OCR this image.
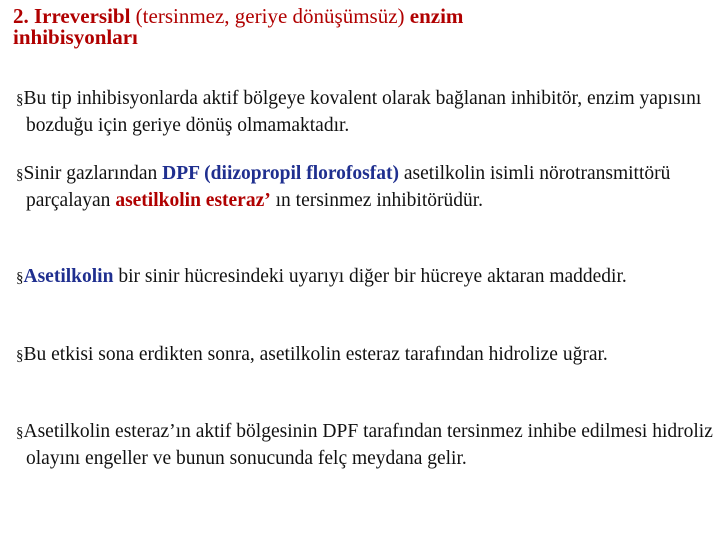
2. Irreversibl (tersinmez, geriye dönüşümsüz) enzim
inhibisyonları
§Bu tip inhibisyonlarda aktif bölgeye kovalent olarak bağlanan inhibitör, enzim yapısını bozduğu için geriye dönüş olmamaktadır.
§Sinir gazlarından DPF (diizopropil florofosfat) asetilkolin isimli nörotransmittörü parçalayan asetilkolin esteraz’ ın tersinmez inhibitörüdür.
§Asetilkolin bir sinir hücresindeki uyarıyı diğer bir hücreye aktaran maddedir.
§Bu etkisi sona erdikten sonra, asetilkolin esteraz tarafından hidrolize uğrar.
§Asetilkolin esteraz’ın aktif bölgesinin DPF tarafından tersinmez inhibe edilmesi hidroliz olayını engeller ve bunun sonucunda felç meydana gelir.
